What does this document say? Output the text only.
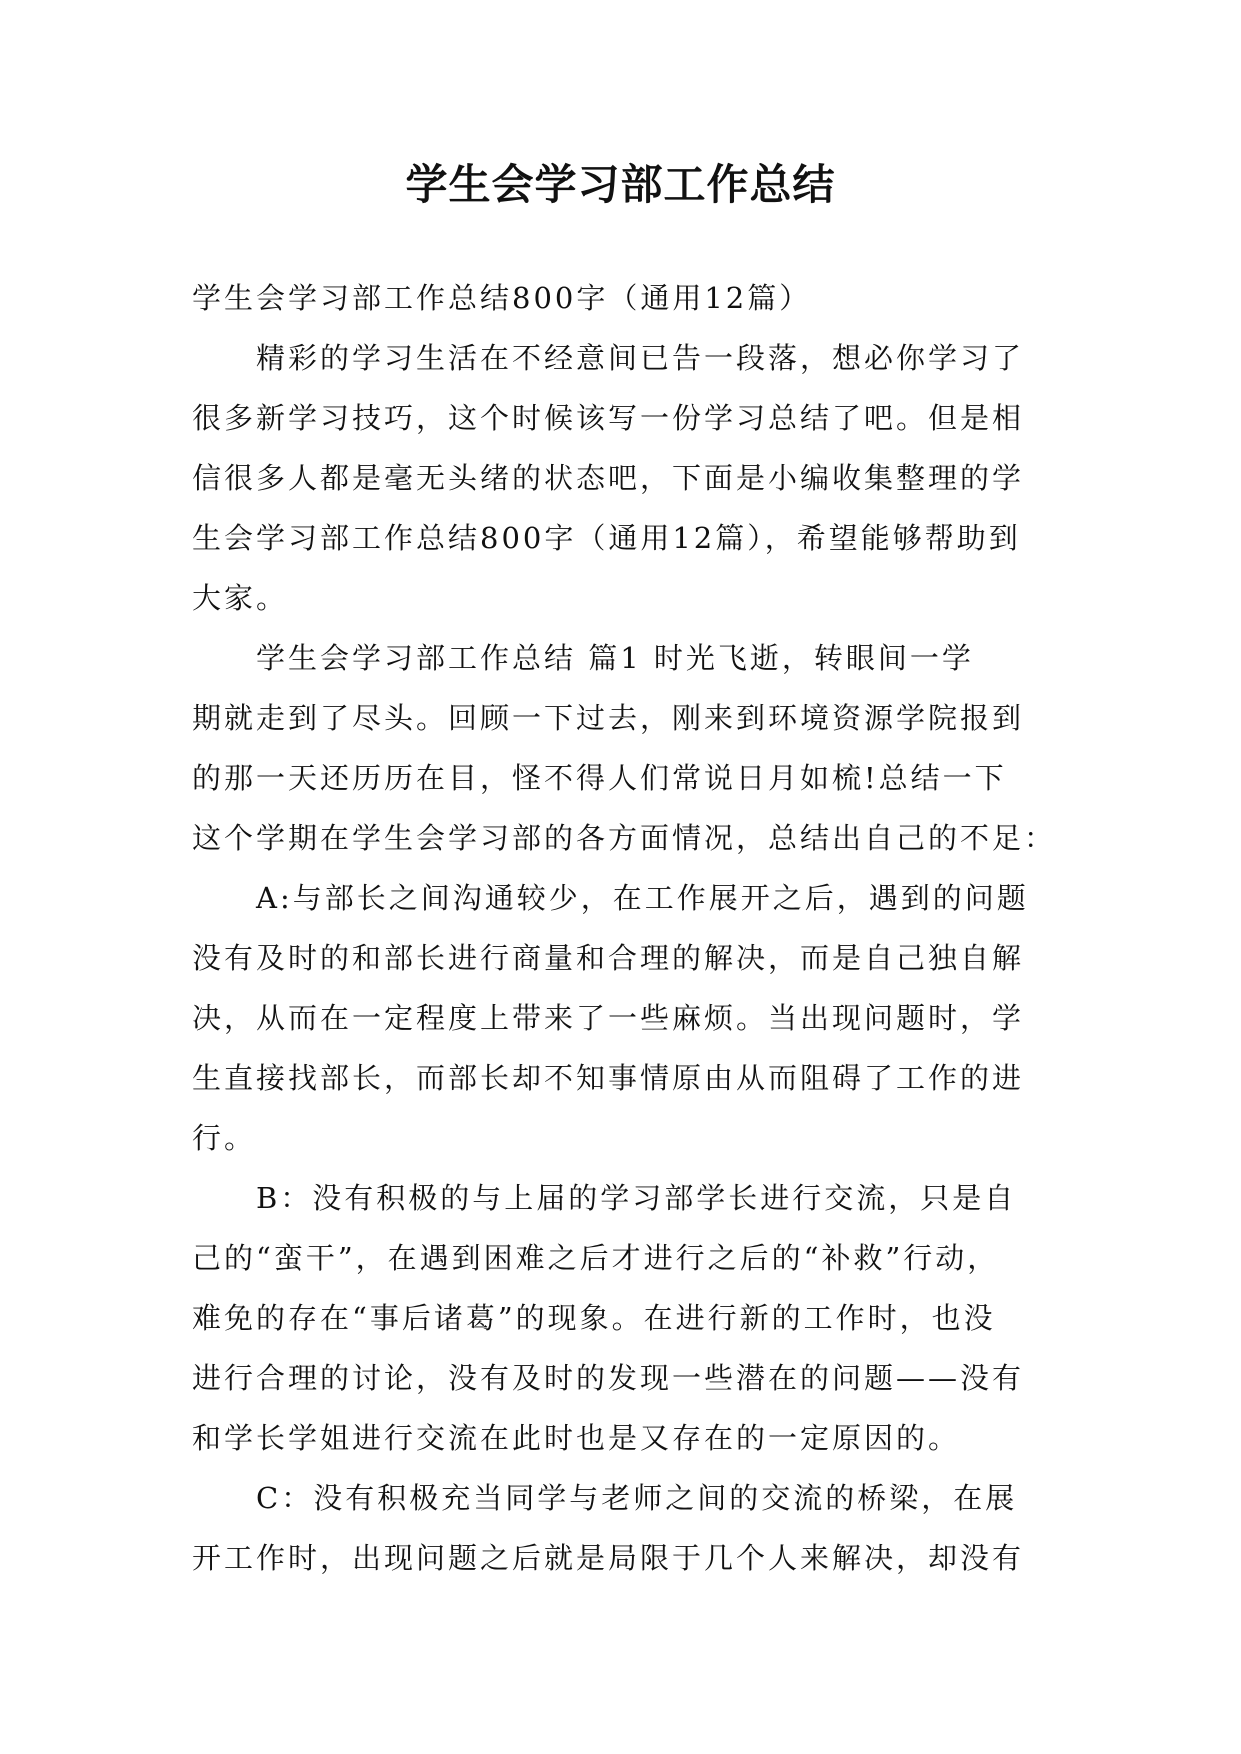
学生会学习部工作总结
学生会学习部工作总结800字（通用12篇）
精彩的学习生活在不经意间已告一段落，想必你学习了
很多新学习技巧，这个时候该写一份学习总结了吧。但是相
信很多人都是毫无头绪的状态吧，下面是小编收集整理的学
生会学习部工作总结800字（通用12篇），希望能够帮助到
大家。
学生会学习部工作总结 篇1 时光飞逝，转眼间一学
期就走到了尽头。回顾一下过去，刚来到环境资源学院报到
的那一天还历历在目，怪不得人们常说日月如梳!总结一下
这个学期在学生会学习部的各方面情况，总结出自己的不足：
A:与部长之间沟通较少，在工作展开之后，遇到的问题
没有及时的和部长进行商量和合理的解决，而是自己独自解
决，从而在一定程度上带来了一些麻烦。当出现问题时，学
生直接找部长，而部长却不知事情原由从而阻碍了工作的进
行。
B：没有积极的与上届的学习部学长进行交流，只是自
己的“蛮干”，在遇到困难之后才进行之后的“补救”行动，
难免的存在“事后诸葛”的现象。在进行新的工作时，也没
进行合理的讨论，没有及时的发现一些潜在的问题——没有
和学长学姐进行交流在此时也是又存在的一定原因的。
C：没有积极充当同学与老师之间的交流的桥梁，在展
开工作时，出现问题之后就是局限于几个人来解决，却没有
